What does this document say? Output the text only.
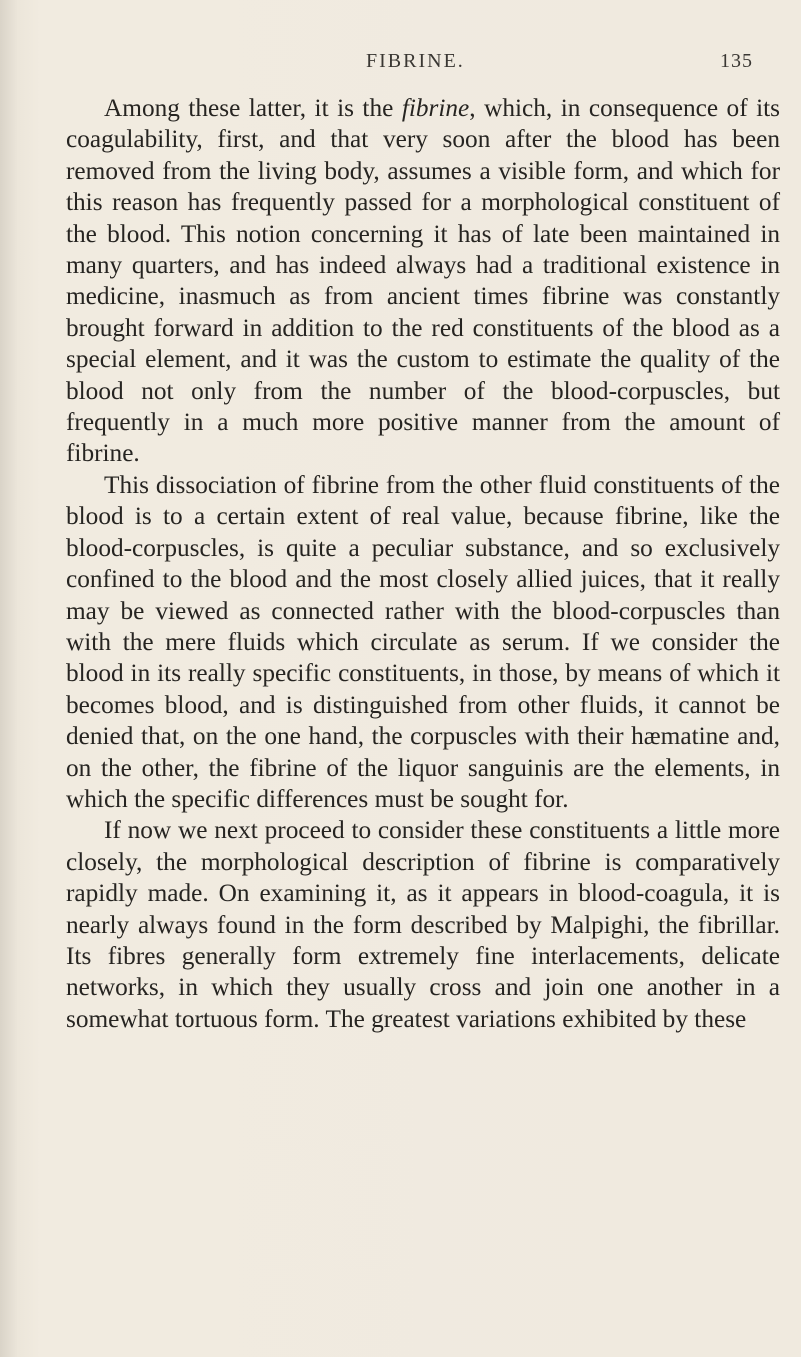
FIBRINE.	135

Among these latter, it is the fibrine, which, in consequence of its coagulability, first, and that very soon after the blood has been removed from the living body, assumes a visible form, and which for this reason has frequently passed for a morphological constituent of the blood. This notion concerning it has of late been maintained in many quarters, and has indeed always had a traditional existence in medicine, inasmuch as from ancient times fibrine was constantly brought forward in addition to the red constituents of the blood as a special element, and it was the custom to estimate the quality of the blood not only from the number of the blood-corpuscles, but frequently in a much more positive manner from the amount of fibrine.

This dissociation of fibrine from the other fluid constituents of the blood is to a certain extent of real value, because fibrine, like the blood-corpuscles, is quite a peculiar substance, and so exclusively confined to the blood and the most closely allied juices, that it really may be viewed as connected rather with the blood-corpuscles than with the mere fluids which circulate as serum. If we consider the blood in its really specific constituents, in those, by means of which it becomes blood, and is distinguished from other fluids, it cannot be denied that, on the one hand, the corpuscles with their hæmatine and, on the other, the fibrine of the liquor sanguinis are the elements, in which the specific differences must be sought for.

If now we next proceed to consider these constituents a little more closely, the morphological description of fibrine is comparatively rapidly made. On examining it, as it appears in blood-coagula, it is nearly always found in the form described by Malpighi, the fibrillar. Its fibres generally form extremely fine interlacements, delicate networks, in which they usually cross and join one another in a somewhat tortuous form. The greatest variations exhibited by these
